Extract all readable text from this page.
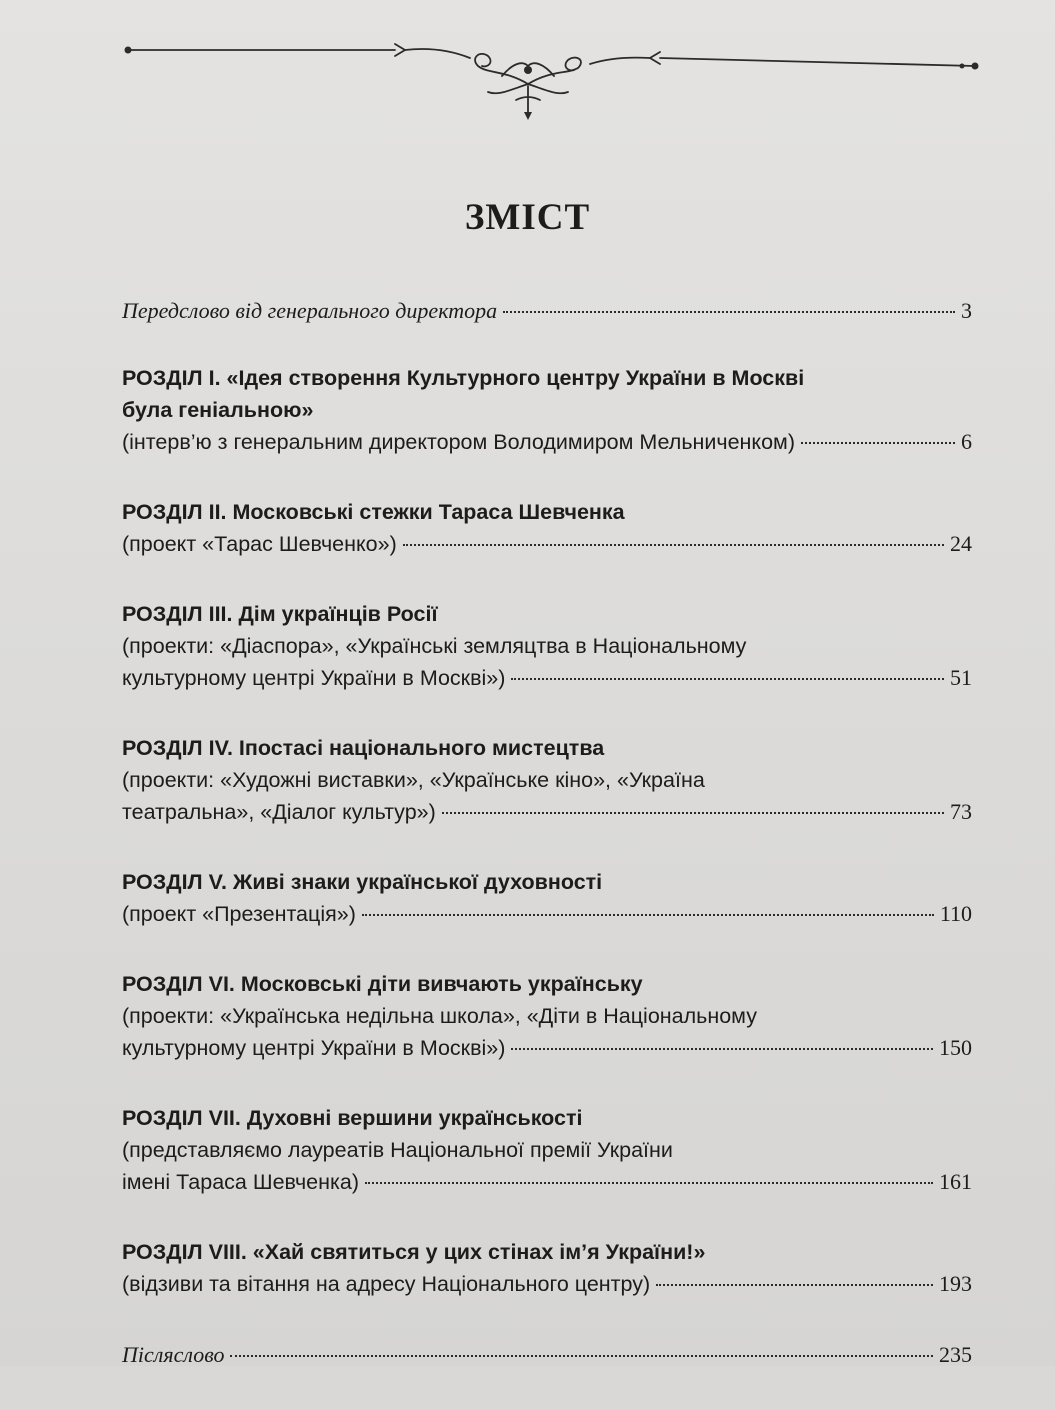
ЗМІСТ
Передслово від генерального директора	3
РОЗДІЛ І. «Ідея створення Культурного центру України в Москві
була геніальною»
(інтерв’ю з генеральним директором Володимиром Мельниченком)	6
РОЗДІЛ ІІ. Московські стежки Тараса Шевченка
(проект «Тарас Шевченко»)	24
РОЗДІЛ ІІІ. Дім українців Росії
(проекти: «Діаспора», «Українські земляцтва в Національному
культурному центрі України в Москві»)	51
РОЗДІЛ IV. Іпостасі національного мистецтва
(проекти: «Художні виставки», «Українське кіно», «Україна
театральна», «Діалог культур»)	73
РОЗДІЛ V. Живі знаки української духовності
(проект «Презентація»)	110
РОЗДІЛ VI. Московські діти вивчають українську
(проекти: «Українська недільна школа», «Діти в Національному
культурному центрі України в Москві»)	150
РОЗДІЛ VII. Духовні вершини українськості
(представляємо лауреатів Національної премії України
імені Тараса Шевченка)	161
РОЗДІЛ VIII. «Хай святиться у цих стінах ім’я України!»
(відзиви та вітання на адресу Національного центру)	193
Післяслово	235
